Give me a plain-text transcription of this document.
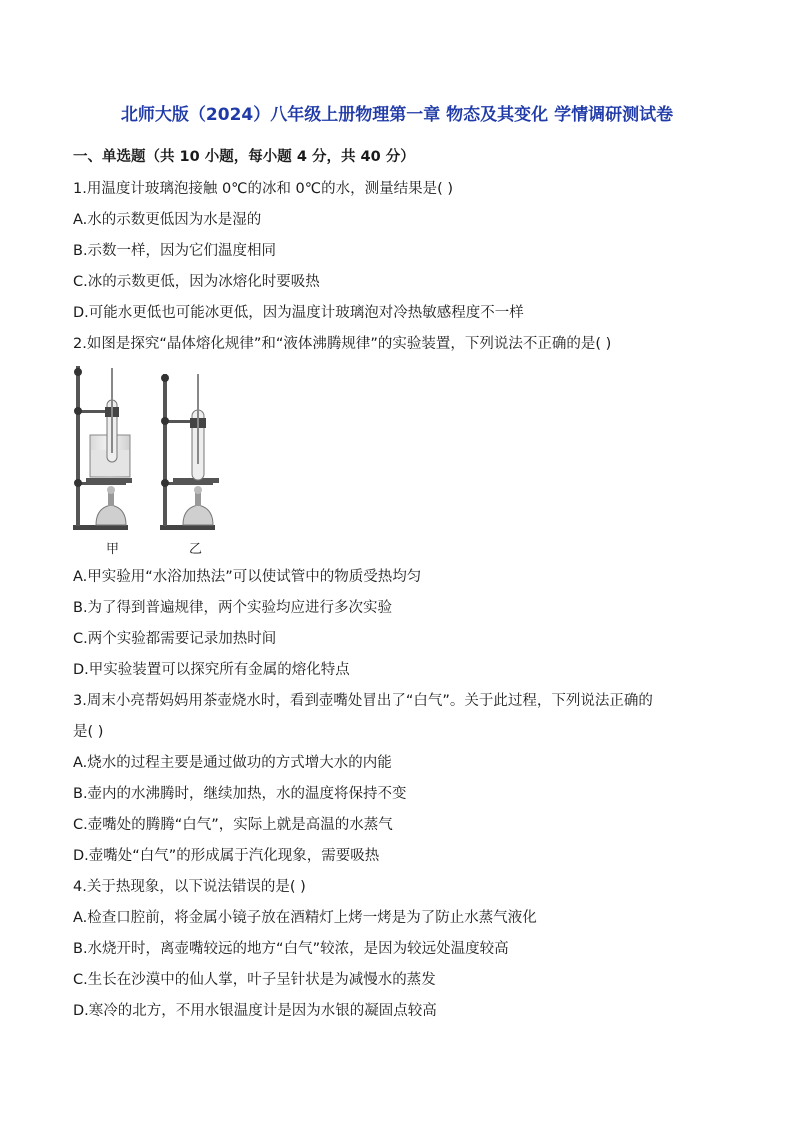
北师大版（2024）八年级上册物理第一章 物态及其变化 学情调研测试卷
一、单选题（共 10 小题，每小题 4 分，共 40 分）
1.用温度计玻璃泡接触 0℃的冰和 0℃的水，测量结果是( )
A.水的示数更低因为水是湿的
B.示数一样，因为它们温度相同
C.冰的示数更低，因为冰熔化时要吸热
D.可能水更低也可能冰更低，因为温度计玻璃泡对冷热敏感程度不一样
2.如图是探究“晶体熔化规律”和“液体沸腾规律”的实验装置，下列说法不正确的是( )
甲	乙
A.甲实验用“水浴加热法”可以使试管中的物质受热均匀
B.为了得到普遍规律，两个实验均应进行多次实验
C.两个实验都需要记录加热时间
D.甲实验装置可以探究所有金属的熔化特点
3.周末小亮帮妈妈用茶壶烧水时，看到壶嘴处冒出了“白气”。关于此过程，下列说法正确的
是( )
A.烧水的过程主要是通过做功的方式增大水的内能
B.壶内的水沸腾时，继续加热，水的温度将保持不变
C.壶嘴处的腾腾“白气”，实际上就是高温的水蒸气
D.壶嘴处“白气”的形成属于汽化现象，需要吸热
4.关于热现象，以下说法错误的是( )
A.检查口腔前，将金属小镜子放在酒精灯上烤一烤是为了防止水蒸气液化
B.水烧开时，离壶嘴较远的地方“白气”较浓，是因为较远处温度较高
C.生长在沙漠中的仙人掌，叶子呈针状是为减慢水的蒸发
D.寒冷的北方，不用水银温度计是因为水银的凝固点较高
